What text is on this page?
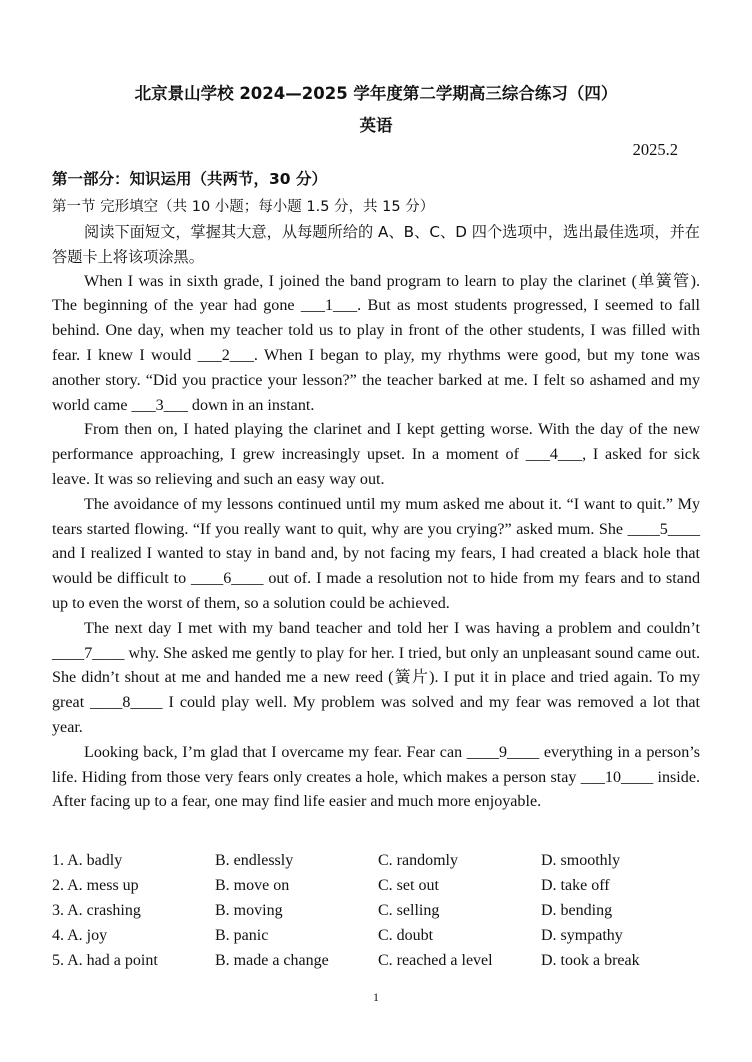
北京景山学校 2024—2025 学年度第二学期高三综合练习（四）
英语
2025.2
第一部分：知识运用（共两节，30 分）
第一节 完形填空（共 10 小题；每小题 1.5 分，共 15 分）

阅读下面短文，掌握其大意，从每题所给的 A、B、C、D 四个选项中，选出最佳选项，并在答题卡上将该项涂黑。

When I was in sixth grade, I joined the band program to learn to play the clarinet (单簧管). The beginning of the year had gone ___1___. But as most students progressed, I seemed to fall behind. One day, when my teacher told us to play in front of the other students, I was filled with fear. I knew I would ___2___. When I began to play, my rhythms were good, but my tone was another story. “Did you practice your lesson?” the teacher barked at me. I felt so ashamed and my world came ___3___ down in an instant.

From then on, I hated playing the clarinet and I kept getting worse. With the day of the new performance approaching, I grew increasingly upset. In a moment of ___4___, I asked for sick leave. It was so relieving and such an easy way out.

The avoidance of my lessons continued until my mum asked me about it. “I want to quit.” My tears started flowing. “If you really want to quit, why are you crying?” asked mum. She ____5____ and I realized I wanted to stay in band and, by not facing my fears, I had created a black hole that would be difficult to ____6____ out of. I made a resolution not to hide from my fears and to stand up to even the worst of them, so a solution could be achieved.

The next day I met with my band teacher and told her I was having a problem and couldn’t ____7____ why. She asked me gently to play for her. I tried, but only an unpleasant sound came out. She didn’t shout at me and handed me a new reed (簧片). I put it in place and tried again. To my great ____8____ I could play well. My problem was solved and my fear was removed a lot that year.

Looking back, I’m glad that I overcame my fear. Fear can ____9____ everything in a person’s life. Hiding from those very fears only creates a hole, which makes a person stay ___10____ inside. After facing up to a fear, one may find life easier and much more enjoyable.

1. A. badly	B. endlessly	C. randomly	D. smoothly
2. A. mess up	B. move on	C. set out	D. take off
3. A. crashing	B. moving	C. selling	D. bending
4. A. joy	B. panic	C. doubt	D. sympathy
5. A. had a point	B. made a change	C. reached a level	D. took a break
1
